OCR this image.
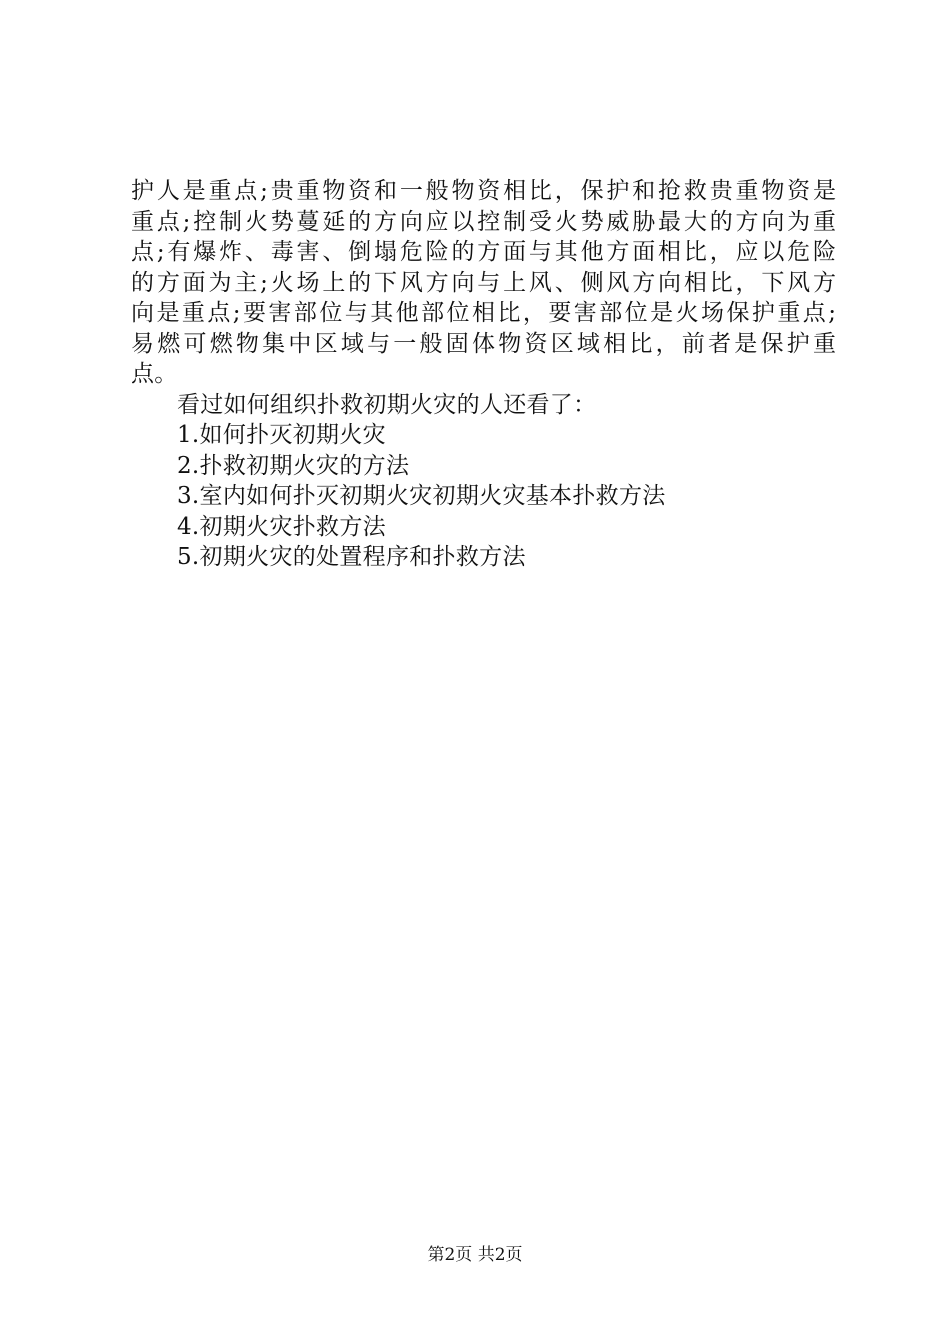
护人是重点;贵重物资和一般物资相比，保护和抢救贵重物资是
重点;控制火势蔓延的方向应以控制受火势威胁最大的方向为重
点;有爆炸、毒害、倒塌危险的方面与其他方面相比，应以危险
的方面为主;火场上的下风方向与上风、侧风方向相比，下风方
向是重点;要害部位与其他部位相比，要害部位是火场保护重点;
易燃可燃物集中区域与一般固体物资区域相比，前者是保护重
点。
看过如何组织扑救初期火灾的人还看了：
1.如何扑灭初期火灾
2.扑救初期火灾的方法
3.室内如何扑灭初期火灾初期火灾基本扑救方法
4.初期火灾扑救方法
5.初期火灾的处置程序和扑救方法
第2页 共2页
